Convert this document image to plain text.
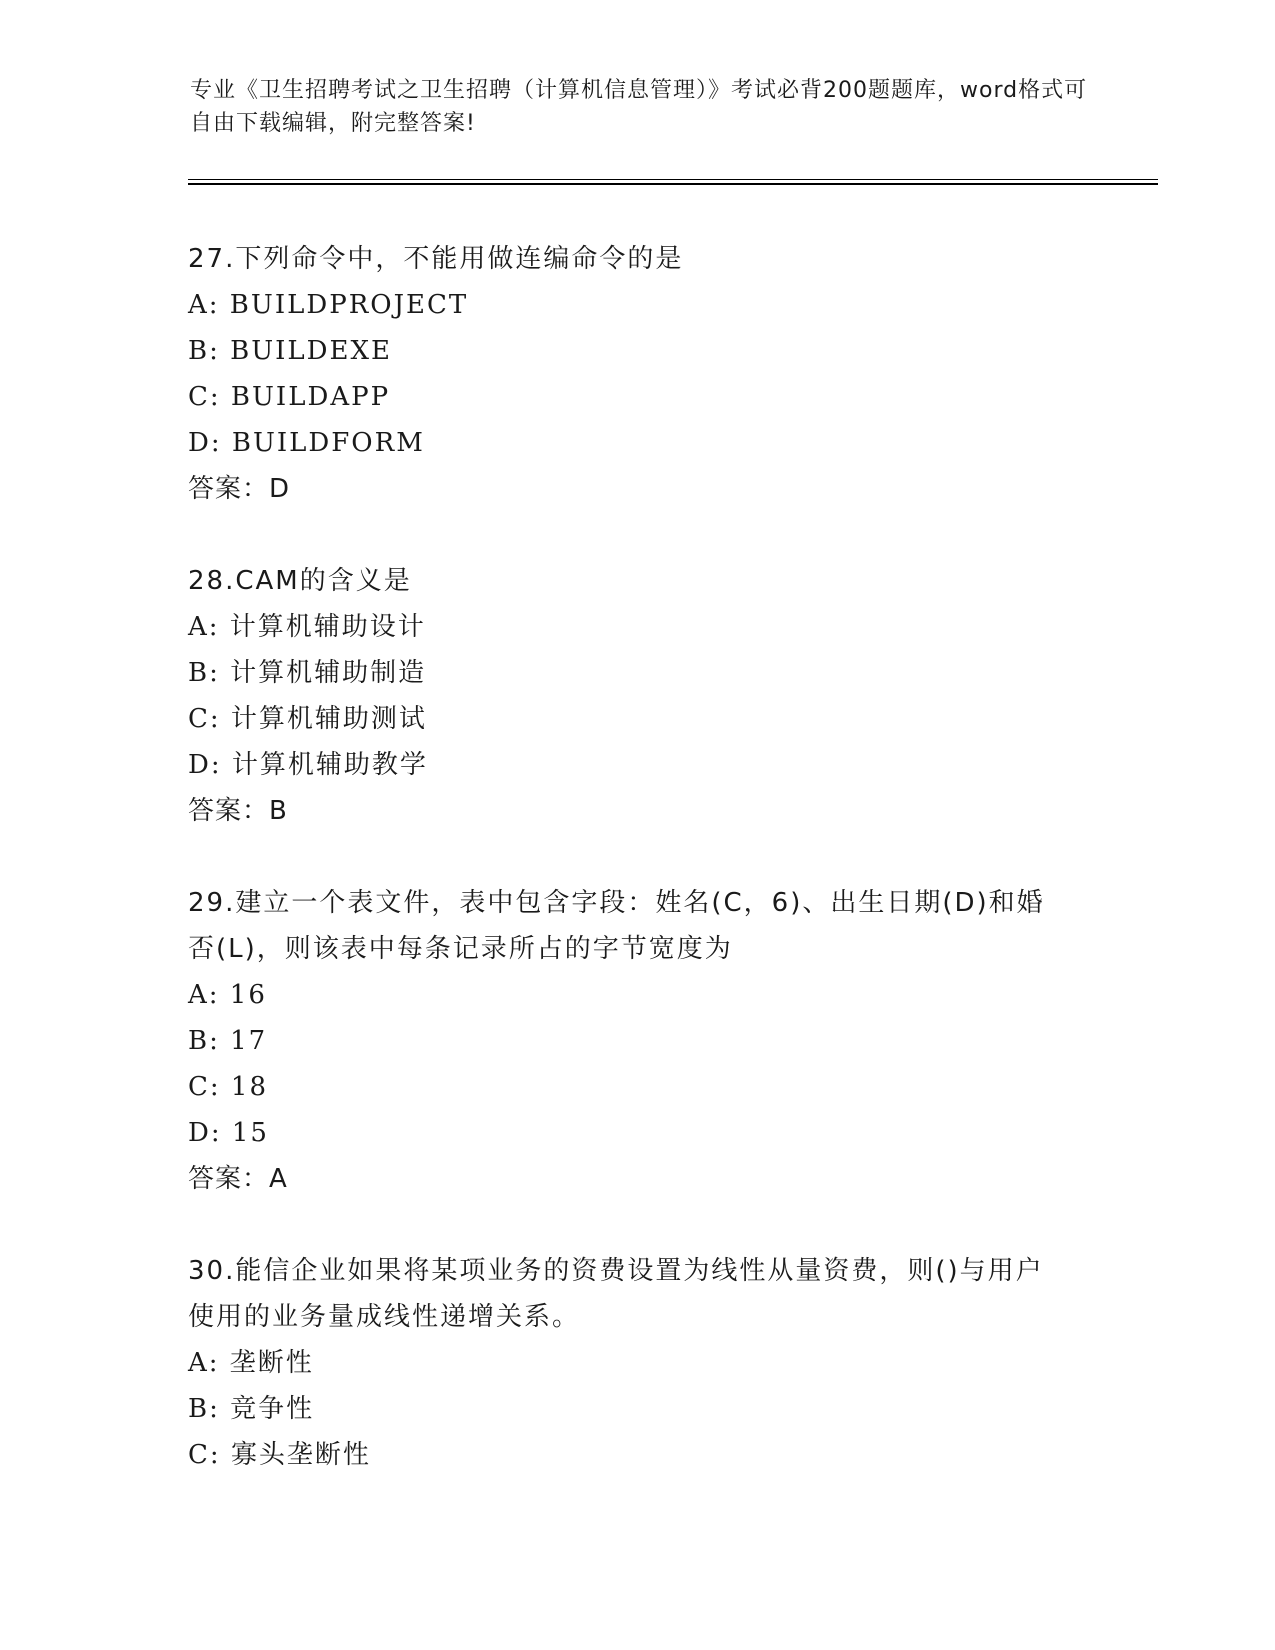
专业《卫生招聘考试之卫生招聘（计算机信息管理）》考试必背200题题库，word格式可自由下载编辑，附完整答案!
27.下列命令中，不能用做连编命令的是
A: BUILDPROJECT
B: BUILDEXE
C: BUILDAPP
D: BUILDFORM
答案：D
28.CAM的含义是
A: 计算机辅助设计
B: 计算机辅助制造
C: 计算机辅助测试
D: 计算机辅助教学
答案：B
29.建立一个表文件，表中包含字段：姓名(C，6)、出生日期(D)和婚否(L)，则该表中每条记录所占的字节宽度为
A: 16
B: 17
C: 18
D: 15
答案：A
30.能信企业如果将某项业务的资费设置为线性从量资费，则()与用户使用的业务量成线性递增关系。
A: 垄断性
B: 竞争性
C: 寡头垄断性
